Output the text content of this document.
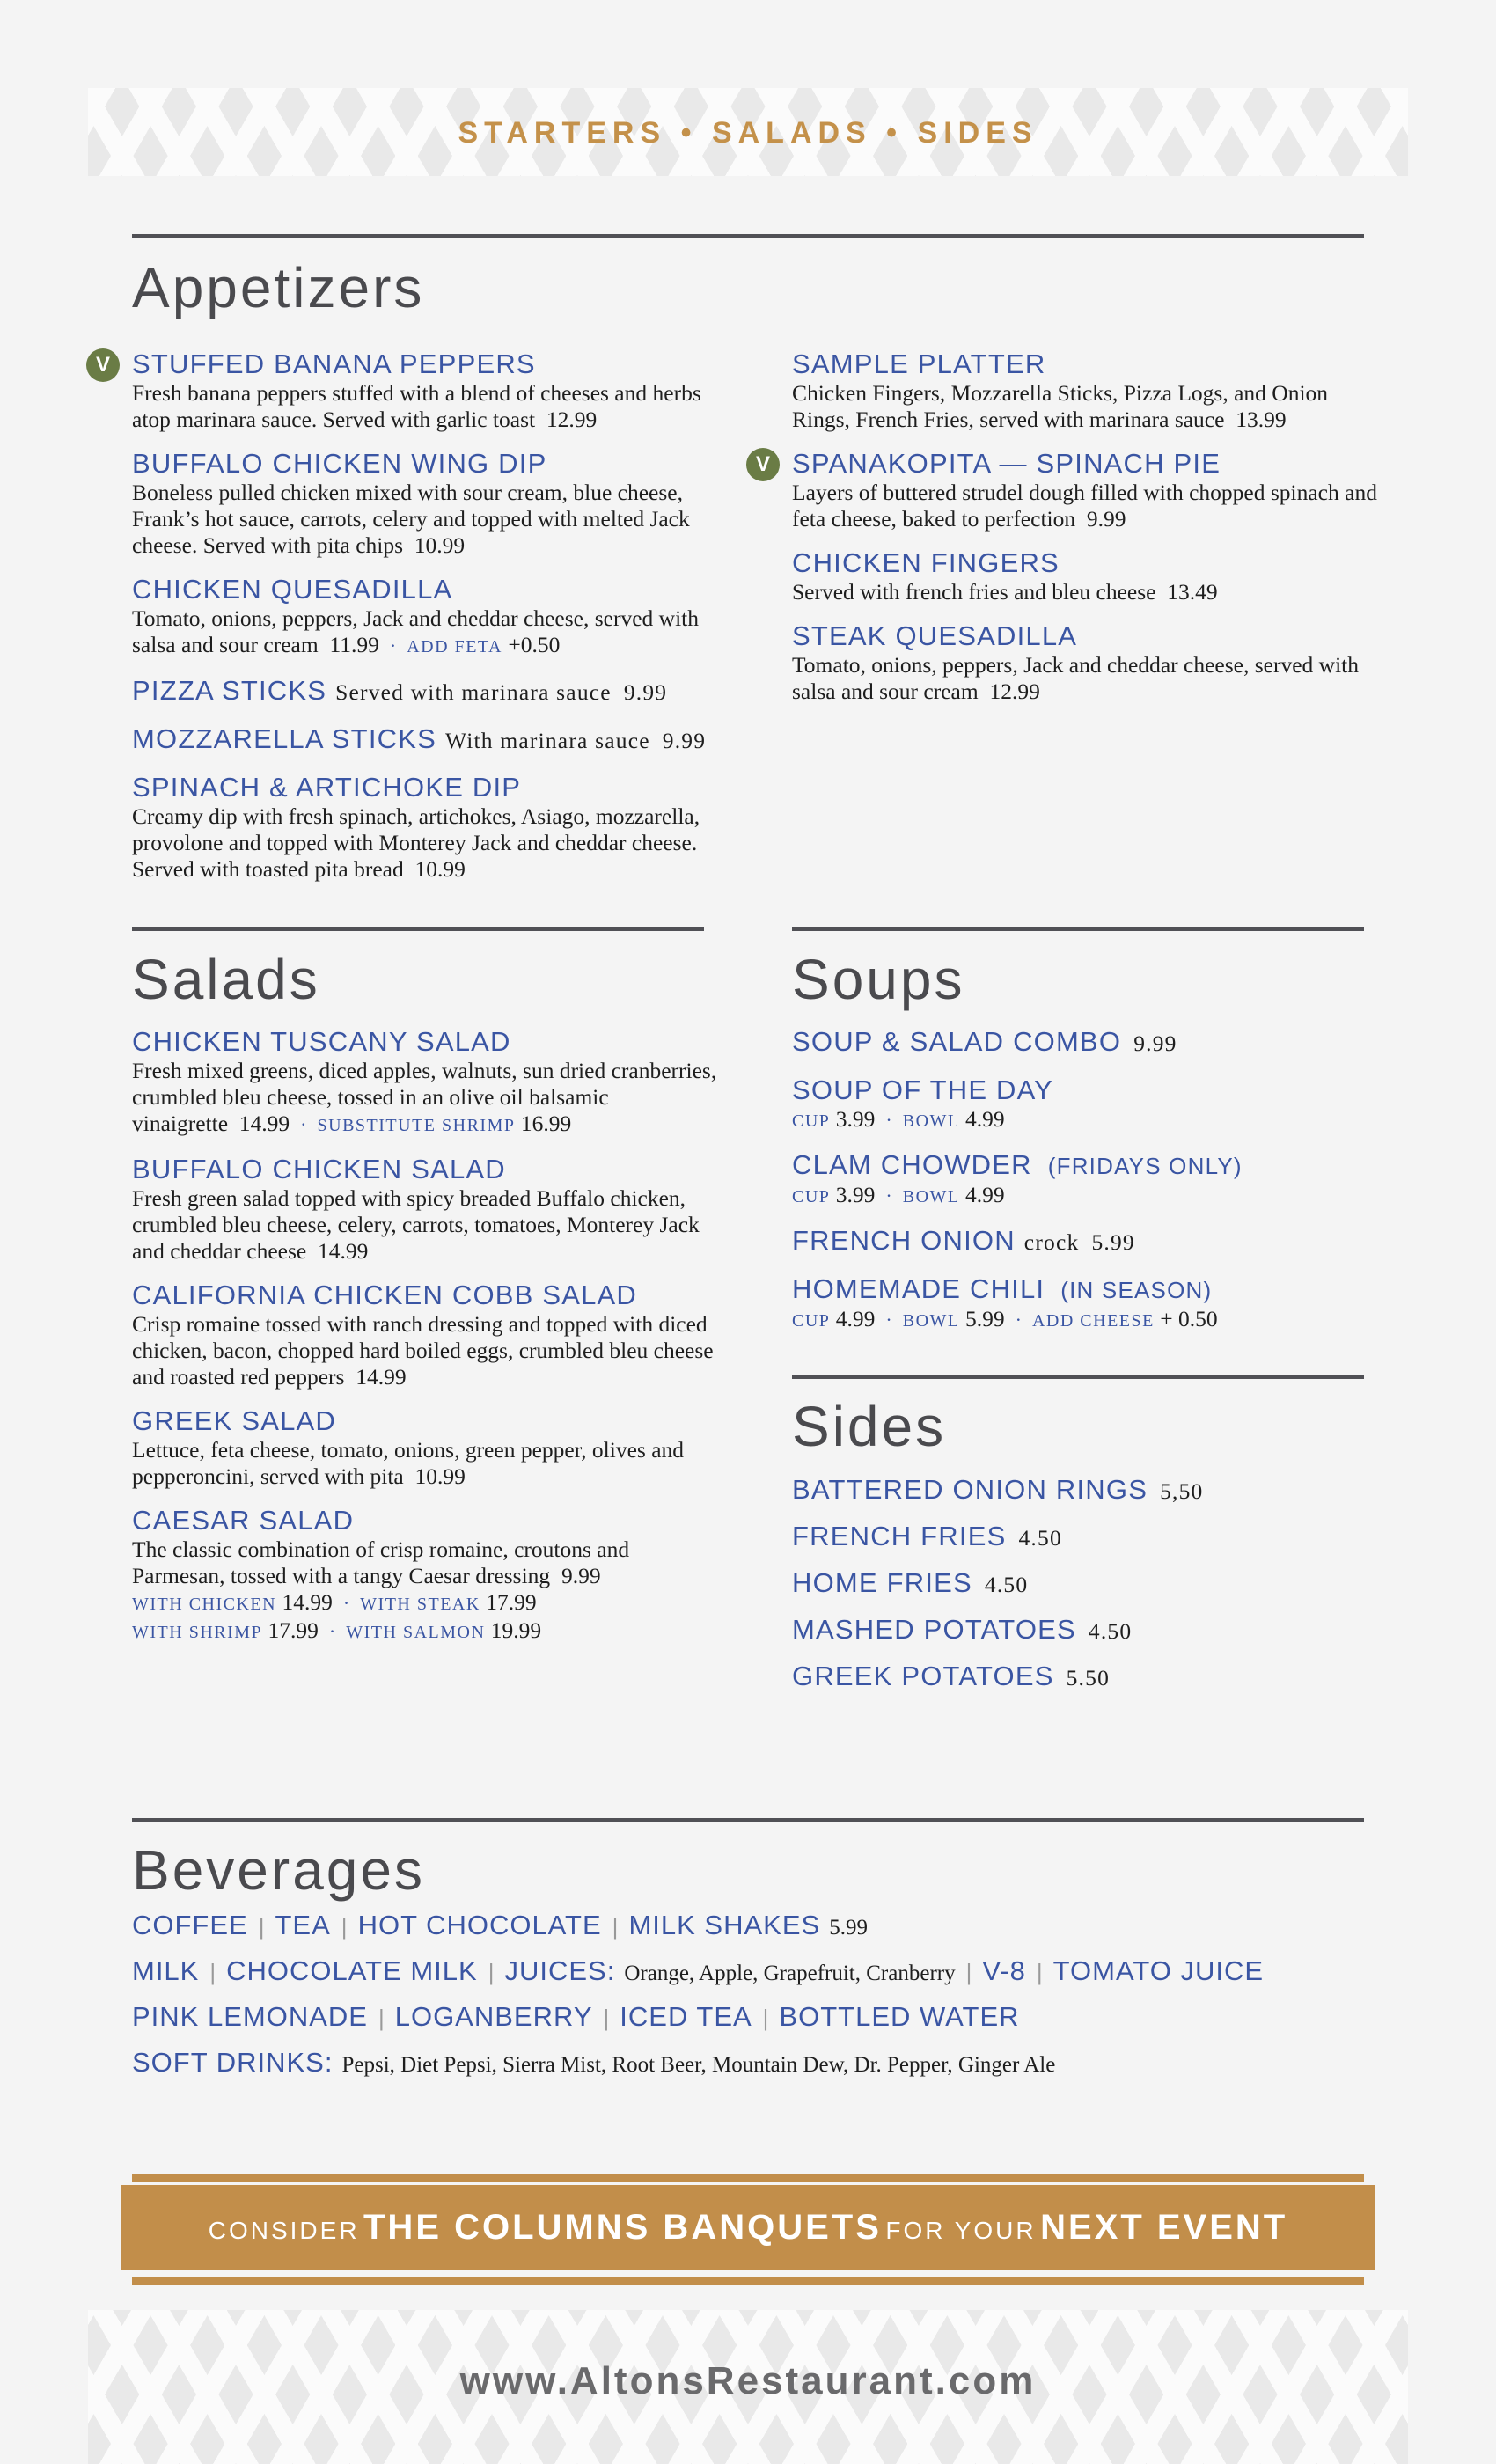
STARTERS • SALADS • SIDES
Appetizers
V STUFFED BANANA PEPPERS
Fresh banana peppers stuffed with a blend of cheeses and herbs atop marinara sauce. Served with garlic toast 12.99
BUFFALO CHICKEN WING DIP
Boneless pulled chicken mixed with sour cream, blue cheese, Frank’s hot sauce, carrots, celery and topped with melted Jack cheese. Served with pita chips 10.99
CHICKEN QUESADILLA
Tomato, onions, peppers, Jack and cheddar cheese, served with salsa and sour cream 11.99 · ADD FETA +0.50
PIZZA STICKS Served with marinara sauce 9.99
MOZZARELLA STICKS With marinara sauce 9.99
SPINACH & ARTICHOKE DIP
Creamy dip with fresh spinach, artichokes, Asiago, mozzarella, provolone and topped with Monterey Jack and cheddar cheese. Served with toasted pita bread 10.99
SAMPLE PLATTER
Chicken Fingers, Mozzarella Sticks, Pizza Logs, and Onion Rings, French Fries, served with marinara sauce 13.99
V SPANAKOPITA — SPINACH PIE
Layers of buttered strudel dough filled with chopped spinach and feta cheese, baked to perfection 9.99
CHICKEN FINGERS
Served with french fries and bleu cheese 13.49
STEAK QUESADILLA
Tomato, onions, peppers, Jack and cheddar cheese, served with salsa and sour cream 12.99
Salads
CHICKEN TUSCANY SALAD
Fresh mixed greens, diced apples, walnuts, sun dried cranberries, crumbled bleu cheese, tossed in an olive oil balsamic vinaigrette 14.99 · SUBSTITUTE SHRIMP 16.99
BUFFALO CHICKEN SALAD
Fresh green salad topped with spicy breaded Buffalo chicken, crumbled bleu cheese, celery, carrots, tomatoes, Monterey Jack and cheddar cheese 14.99
CALIFORNIA CHICKEN COBB SALAD
Crisp romaine tossed with ranch dressing and topped with diced chicken, bacon, chopped hard boiled eggs, crumbled bleu cheese and roasted red peppers 14.99
GREEK SALAD
Lettuce, feta cheese, tomato, onions, green pepper, olives and pepperoncini, served with pita 10.99
CAESAR SALAD
The classic combination of crisp romaine, croutons and Parmesan, tossed with a tangy Caesar dressing 9.99
WITH CHICKEN 14.99 · WITH STEAK 17.99
WITH SHRIMP 17.99 · WITH SALMON 19.99
Soups
SOUP & SALAD COMBO 9.99
SOUP OF THE DAY
CUP 3.99 · BOWL 4.99
CLAM CHOWDER (FRIDAYS ONLY)
CUP 3.99 · BOWL 4.99
FRENCH ONION crock 5.99
HOMEMADE CHILI (IN SEASON)
CUP 4.99 · BOWL 5.99 · ADD CHEESE + 0.50
Sides
BATTERED ONION RINGS 5,50
FRENCH FRIES 4.50
HOME FRIES 4.50
MASHED POTATOES 4.50
GREEK POTATOES 5.50
Beverages
COFFEE | TEA | HOT CHOCOLATE | MILK SHAKES 5.99
MILK | CHOCOLATE MILK | JUICES: Orange, Apple, Grapefruit, Cranberry | V-8 | TOMATO JUICE
PINK LEMONADE | LOGANBERRY | ICED TEA | BOTTLED WATER
SOFT DRINKS: Pepsi, Diet Pepsi, Sierra Mist, Root Beer, Mountain Dew, Dr. Pepper, Ginger Ale
CONSIDER THE COLUMNS BANQUETS FOR YOUR NEXT EVENT
www.AltonsRestaurant.com
